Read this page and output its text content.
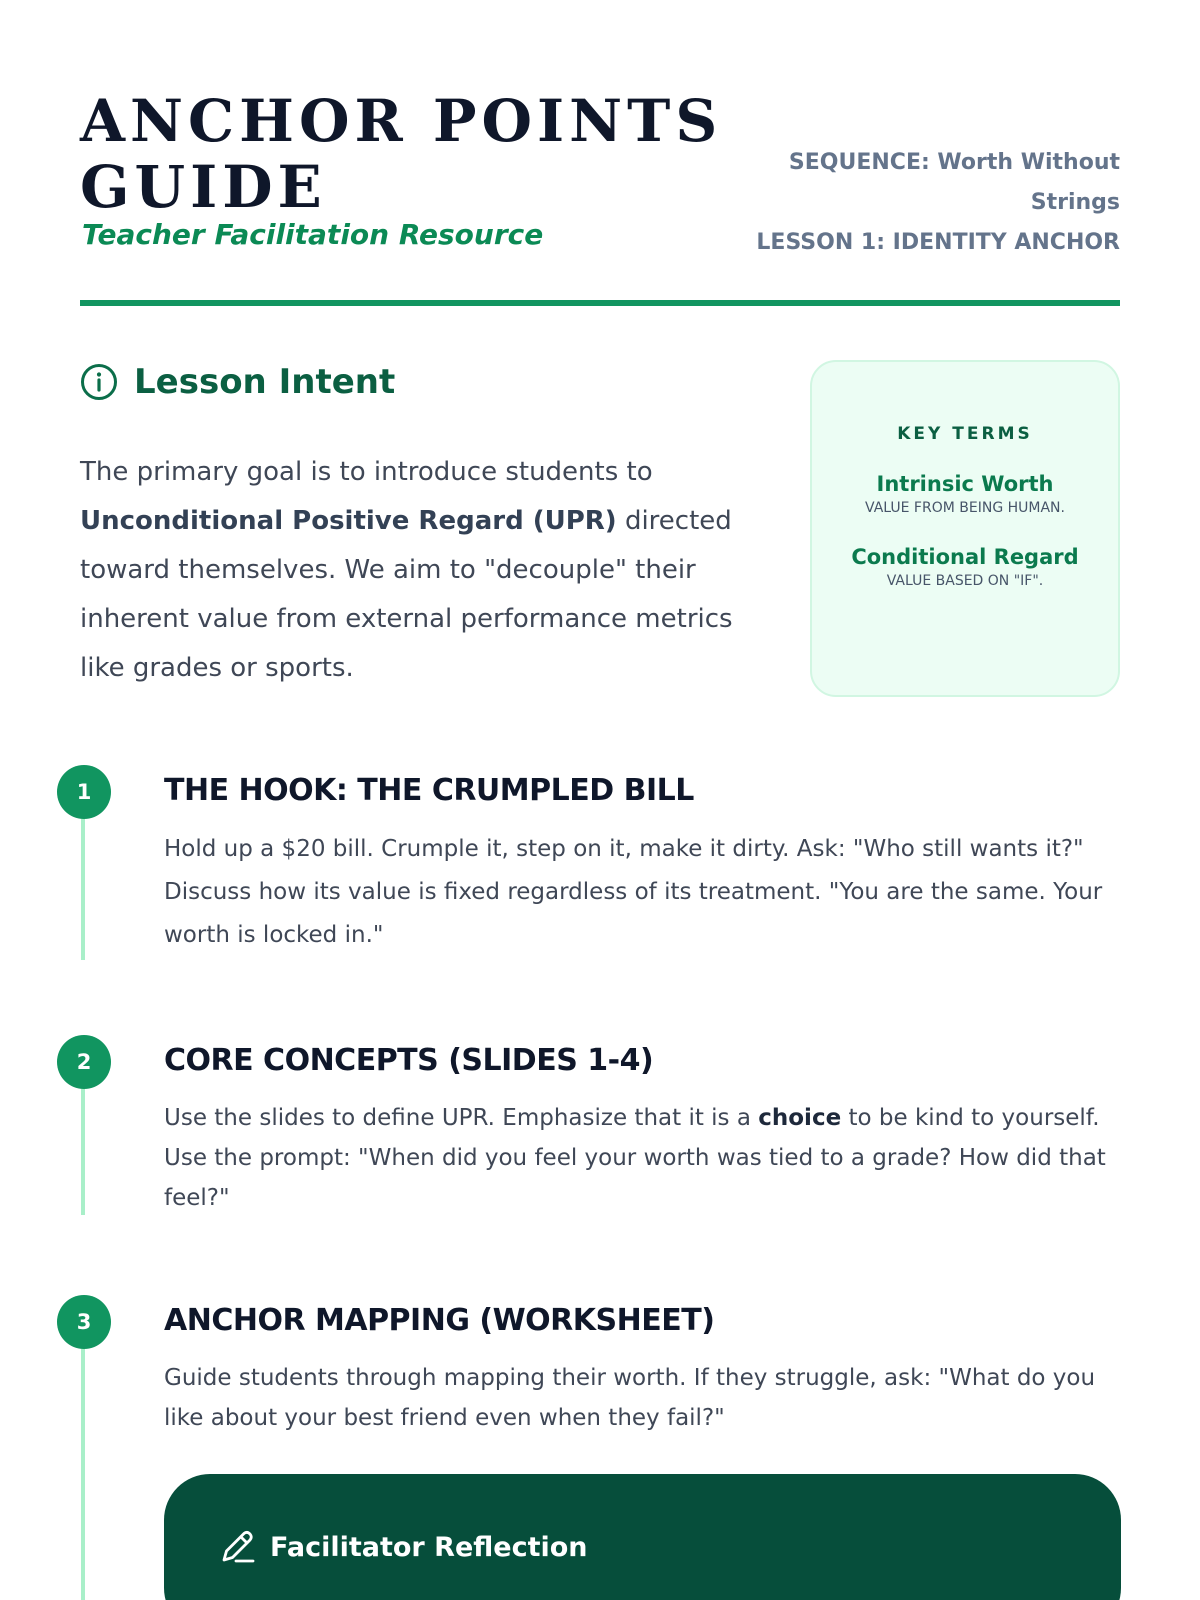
ANCHOR POINTS
GUIDE
Teacher Facilitation Resource
SEQUENCE: Worth Without
Strings
LESSON 1: IDENTITY ANCHOR
Lesson Intent

The primary goal is to introduce students to Unconditional Positive Regard (UPR) directed toward themselves. We aim to "decouple" their inherent value from external performance metrics like grades or sports.

KEY TERMS
Intrinsic Worth
VALUE FROM BEING HUMAN.
Conditional Regard
VALUE BASED ON "IF".
1	THE HOOK: THE CRUMPLED BILL

Hold up a $20 bill. Crumple it, step on it, make it dirty. Ask: "Who still wants it?" Discuss how its value is fixed regardless of its treatment. "You are the same. Your worth is locked in."

2	CORE CONCEPTS (SLIDES 1-4)

Use the slides to define UPR. Emphasize that it is a choice to be kind to yourself. Use the prompt: "When did you feel your worth was tied to a grade? How did that feel?"

3	ANCHOR MAPPING (WORKSHEET)

Guide students through mapping their worth. If they struggle, ask: "What do you like about your best friend even when they fail?"

Facilitator Reflection
